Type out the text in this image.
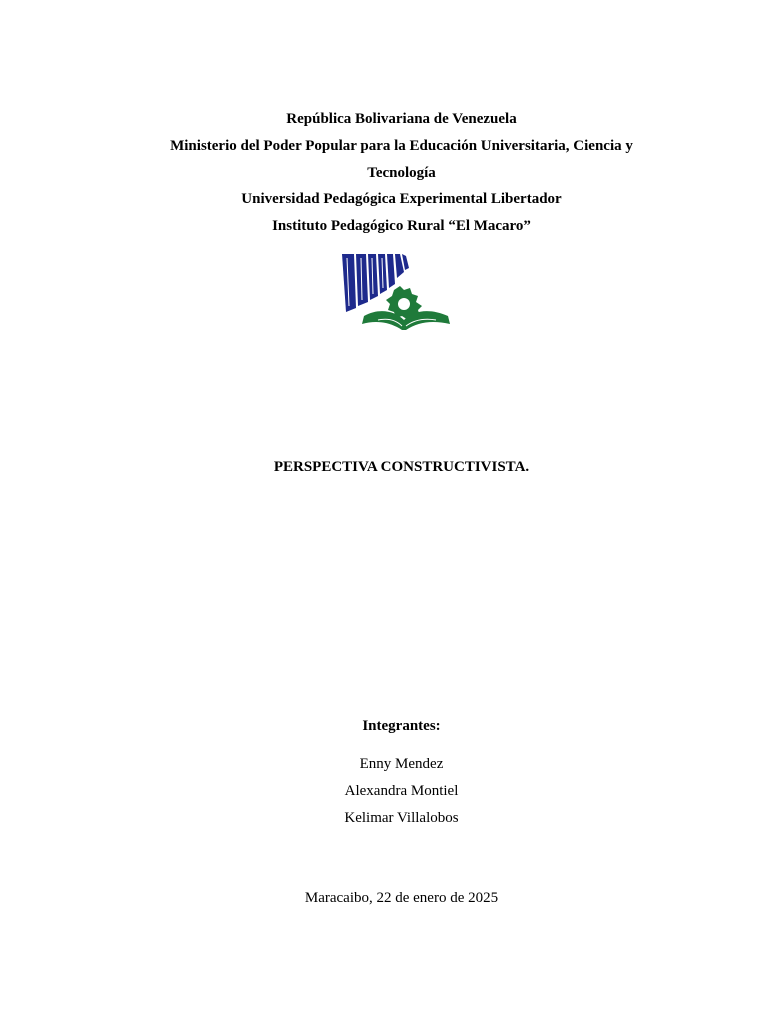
República Bolivariana de Venezuela
Ministerio del Poder Popular para la Educación Universitaria, Ciencia y
Tecnología
Universidad Pedagógica Experimental Libertador
Instituto Pedagógico Rural “El Macaro”
PERSPECTIVA CONSTRUCTIVISTA.
Integrantes:
Enny Mendez
Alexandra Montiel
Kelimar Villalobos
Maracaibo, 22 de enero de 2025
